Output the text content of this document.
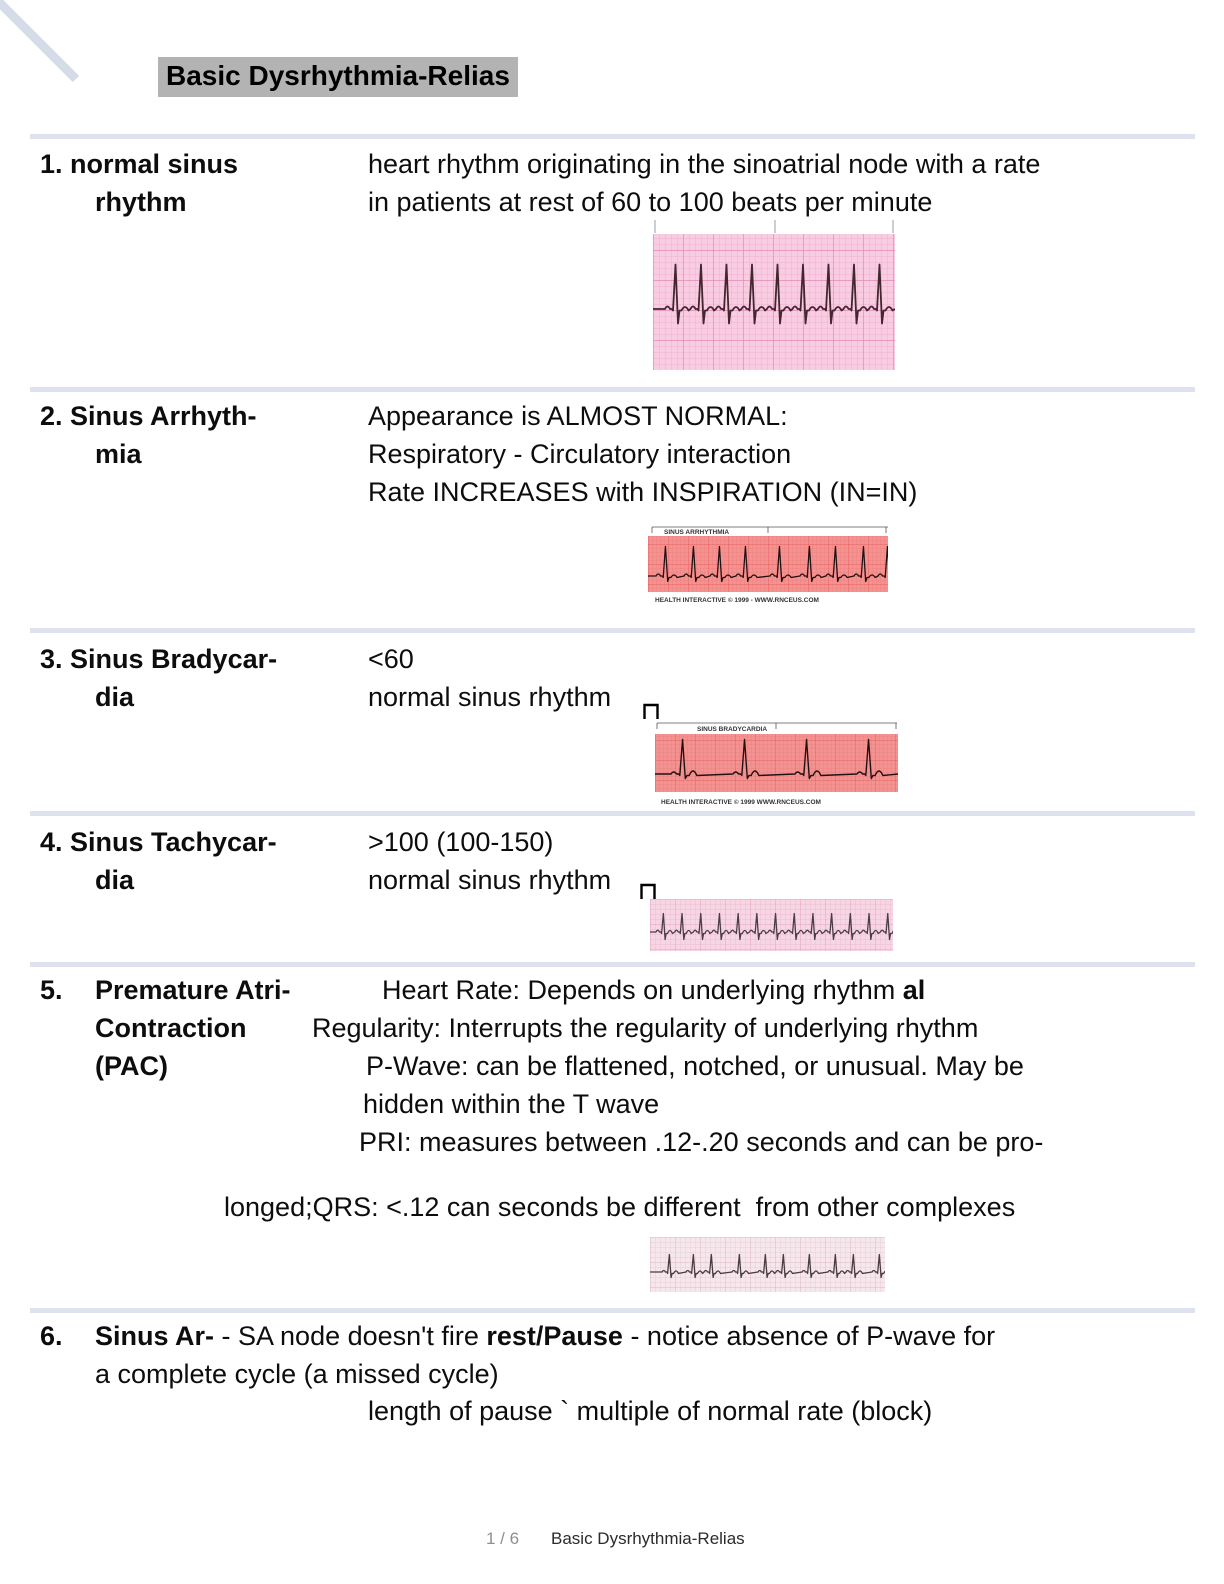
Basic Dysrhythmia-Relias
1. normal sinus
rhythm
heart rhythm originating in the sinoatrial node with a rate
in patients at rest of 60 to 100 beats per minute
2. Sinus Arrhyth-
mia
Appearance is ALMOST NORMAL:
Respiratory - Circulatory interaction
Rate INCREASES with INSPIRATION (IN=IN)
SINUS ARRHYTHMIA
HEALTH INTERACTIVE © 1999 - WWW.RNCEUS.COM
3. Sinus Bradycar-
dia
<60
normal sinus rhythm
SINUS BRADYCARDIA
HEALTH INTERACTIVE © 1999 WWW.RNCEUS.COM
4. Sinus Tachycar-
dia
>100 (100-150)
normal sinus rhythm
5. Premature Atri-
Contraction
(PAC)
Heart Rate: Depends on underlying rhythm al
Regularity: Interrupts the regularity of underlying rhythm
P-Wave: can be flattened, notched, or unusual. May be
hidden within the T wave
PRI: measures between .12-.20 seconds and can be pro-
longed;QRS: <.12 can seconds be different  from other complexes
6. Sinus Ar- - SA node doesn't fire rest/Pause - notice absence of P-wave for
a complete cycle (a missed cycle)
length of pause ` multiple of normal rate (block)
1 / 6 Basic Dysrhythmia-Relias
